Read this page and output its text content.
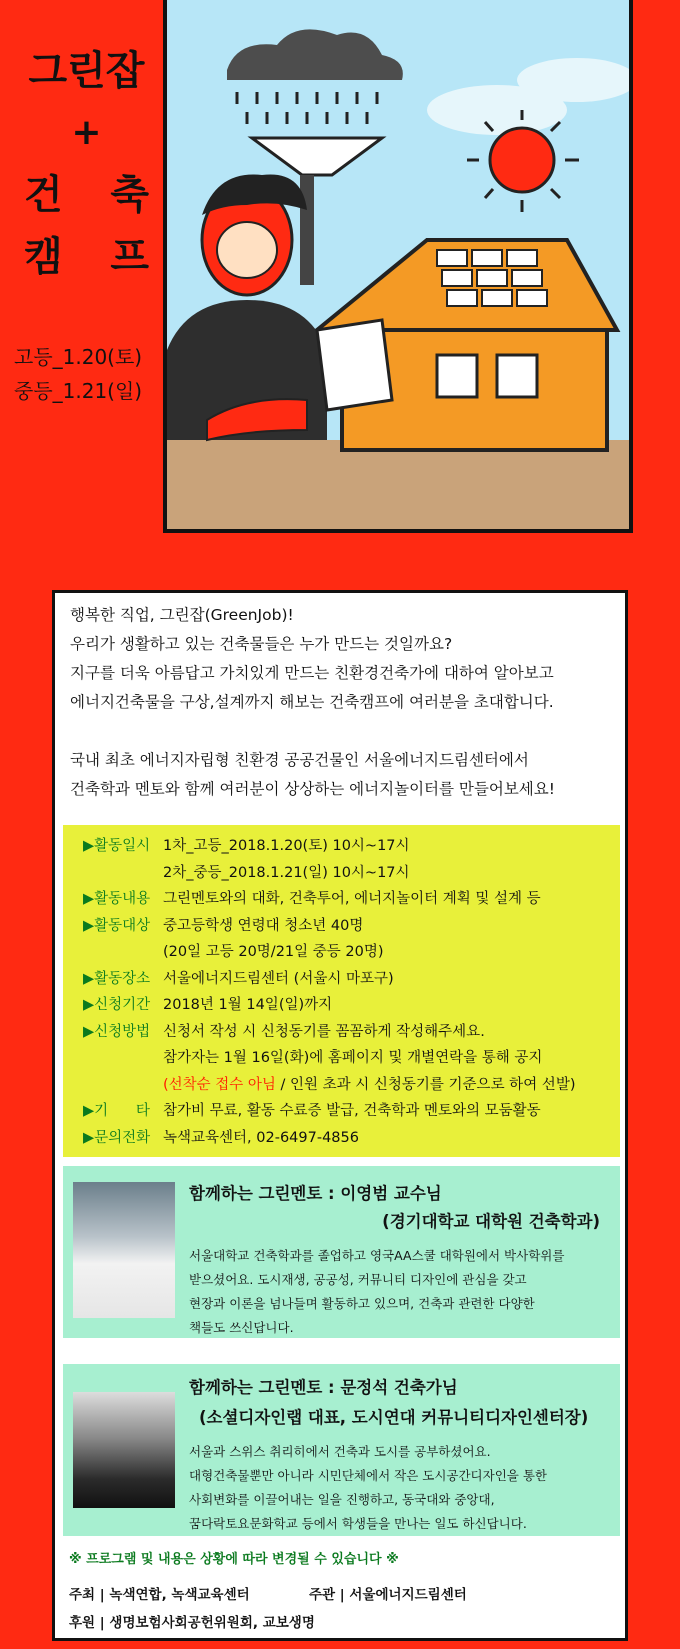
그린잡
+
건 축
캠 프
고등_1.20(토)
중등_1.21(일)

행복한 직업, 그린잡(GreenJob)!

우리가 생활하고 있는 건축물들은 누가 만드는 것일까요?

지구를 더욱 아름답고 가치있게 만드는 친환경건축가에 대하여 알아보고

에너지건축물을 구상,설계까지 해보는 건축캠프에 여러분을 초대합니다.

국내 최초 에너지자립형 친환경 공공건물인 서울에너지드림센터에서

건축학과 멘토와 함께 여러분이 상상하는 에너지놀이터를 만들어보세요!

▶활동일시 1차_고등_2018.1.20(토) 10시~17시
2차_중등_2018.1.21(일) 10시~17시
▶활동내용 그린멘토와의 대화, 건축투어, 에너지놀이터 계획 및 설계 등
▶활동대상 중고등학생 연령대 청소년 40명
(20일 고등 20명/21일 중등 20명)
▶활동장소 서울에너지드림센터 (서울시 마포구)
▶신청기간 2018년 1월 14일(일)까지
▶신청방법 신청서 작성 시 신청동기를 꼼꼼하게 작성해주세요.
참가자는 1월 16일(화)에 홈페이지 및 개별연락을 통해 공지
(선착순 접수 아님 / 인원 초과 시 신청동기를 기준으로 하여 선발)
▶기      타 참가비 무료, 활동 수료증 발급, 건축학과 멘토와의 모둠활동
▶문의전화 녹색교육센터, 02-6497-4856
함께하는 그린멘토 : 이영범 교수님
(경기대학교 대학원 건축학과)
서울대학교 건축학과를 졸업하고 영국AA스쿨 대학원에서 박사학위를
받으셨어요. 도시재생, 공공성, 커뮤니티 디자인에 관심을 갖고
현장과 이론을 넘나들며 활동하고 있으며, 건축과 관련한 다양한
책들도 쓰신답니다.
함께하는 그린멘토 : 문정석 건축가님
(소셜디자인랩 대표, 도시연대 커뮤니티디자인센터장)
서울과 스위스 취리히에서 건축과 도시를 공부하셨어요.
대형건축물뿐만 아니라 시민단체에서 작은 도시공간디자인을 통한
사회변화를 이끌어내는 일을 진행하고, 동국대와 중앙대,
꿈다락토요문화학교 등에서 학생들을 만나는 일도 하신답니다.
※ 프로그램 및 내용은 상황에 따라 변경될 수 있습니다 ※
주최 | 녹색연합, 녹색교육센터	주관 | 서울에너지드림센터
후원 | 생명보험사회공헌위원회, 교보생명
